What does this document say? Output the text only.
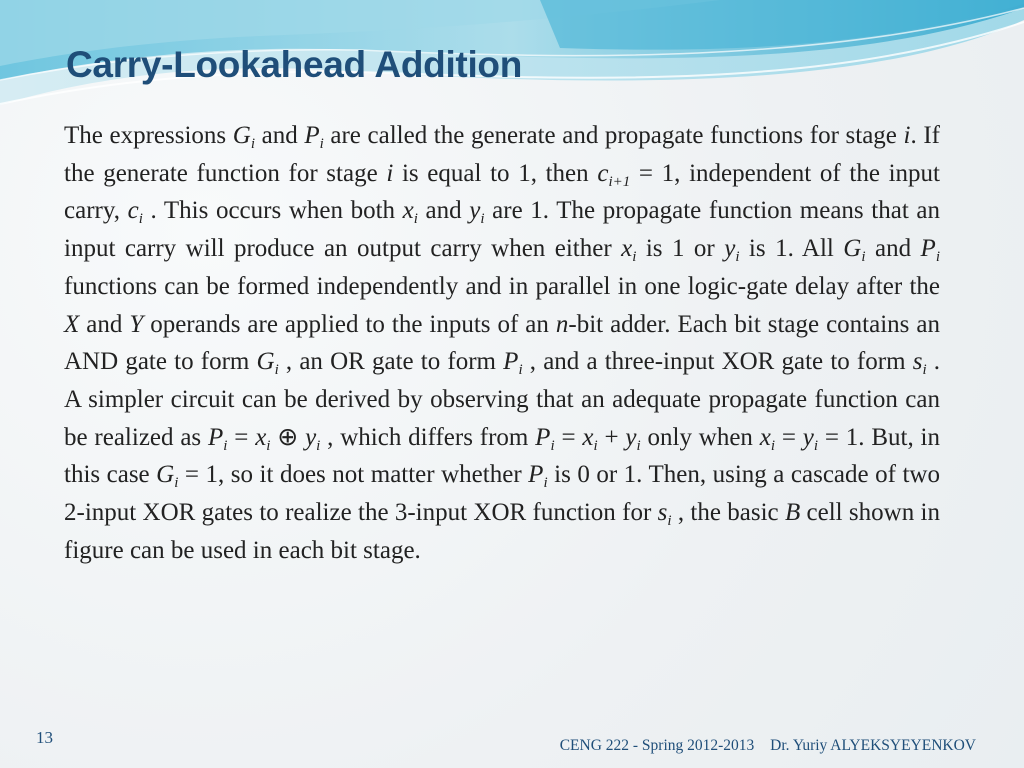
Carry-Lookahead Addition

The expressions $G_i$ and $P_i$ are called the generate and propagate functions for stage i. If the generate function for stage i is equal to 1, then $c_{i+1} = 1$, independent of the input carry, $c_i$ . This occurs when both $x_i$ and $y_i$ are 1. The propagate function means that an input carry will produce an output carry when either $x_i$ is 1 or $y_i$ is 1. All $G_i$ and $P_i$ functions can be formed independently and in parallel in one logic-gate delay after the X and Y operands are applied to the inputs of an n-bit adder. Each bit stage contains an AND gate to form $G_i$ , an OR gate to form $P_i$ , and a three-input XOR gate to form $s_i$ . A simpler circuit can be derived by observing that an adequate propagate function can be realized as $P_i = x_i$ ⊕ $y_i$ , which differs from $P_i = x_i + y_i$ only when $x_i = y_i = 1$. But, in this case $G_i = 1$, so it does not matter whether $P_i$ is 0 or 1. Then, using a cascade of two 2-input XOR gates to realize the 3-input XOR function for $s_i$ , the basic B cell shown in figure can be used in each bit stage.

13	CENG 222 - Spring 2012-2013 Dr. Yuriy ALYEKSYEYENKOV
